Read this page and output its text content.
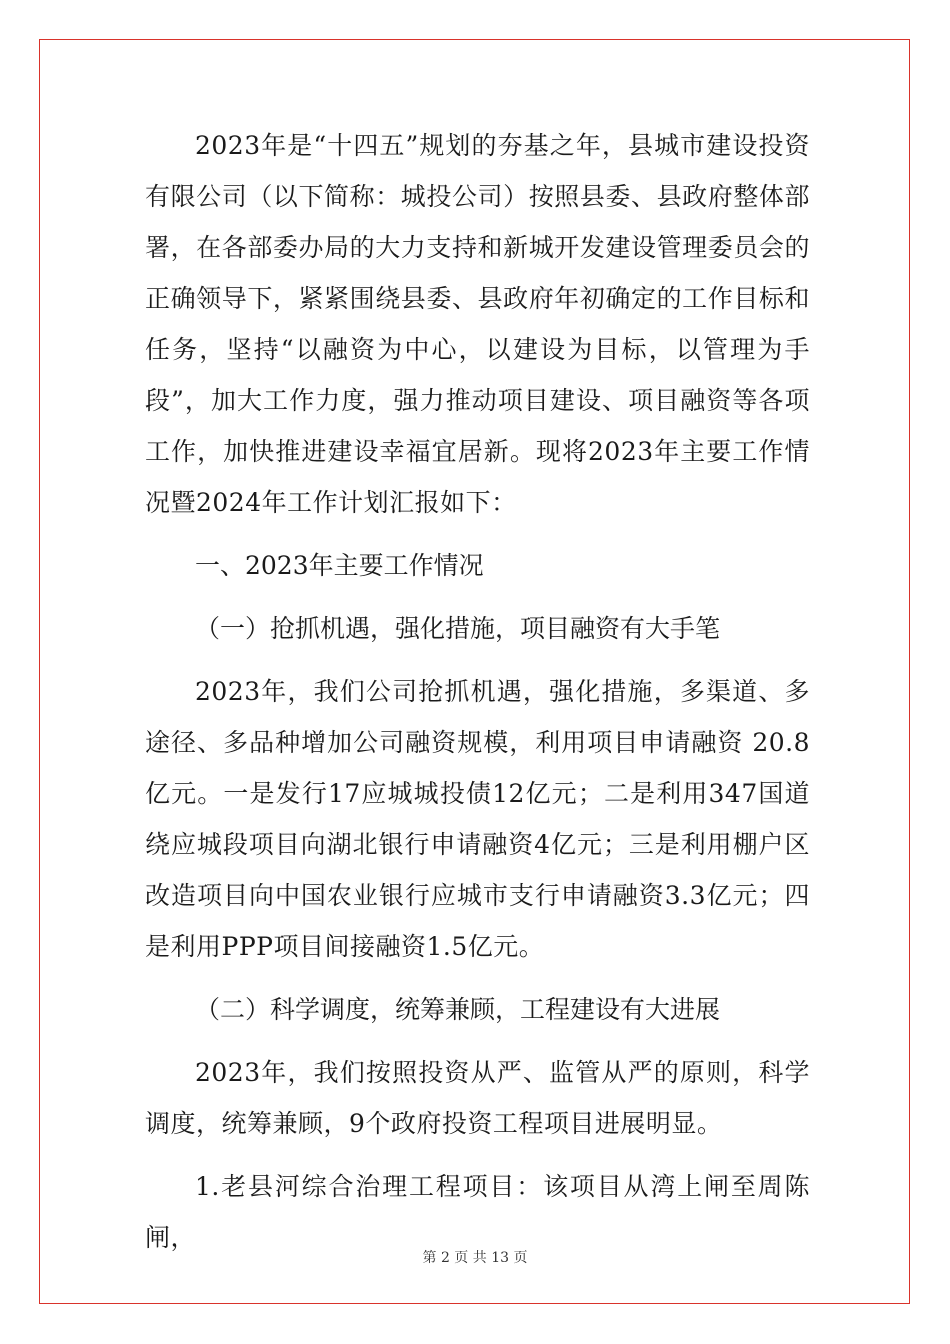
2023年是“十四五”规划的夯基之年，县城市建设投资有限公司（以下简称：城投公司）按照县委、县政府整体部署，在各部委办局的大力支持和新城开发建设管理委员会的正确领导下，紧紧围绕县委、县政府年初确定的工作目标和任务，坚持“以融资为中心，以建设为目标，以管理为手段”，加大工作力度，强力推动项目建设、项目融资等各项工作，加快推进建设幸福宜居新。现将2023年主要工作情况暨2024年工作计划汇报如下：

一、2023年主要工作情况

（一）抢抓机遇，强化措施，项目融资有大手笔

2023年，我们公司抢抓机遇，强化措施，多渠道、多途径、多品种增加公司融资规模，利用项目申请融资 20.8 亿元。一是发行17应城城投债12亿元；二是利用347国道绕应城段项目向湖北银行申请融资4亿元；三是利用棚户区改造项目向中国农业银行应城市支行申请融资3.3亿元；四是利用PPP项目间接融资1.5亿元。

（二）科学调度，统筹兼顾，工程建设有大进展

2023年，我们按照投资从严、监管从严的原则，科学调度，统筹兼顾，9个政府投资工程项目进展明显。

1.老县河综合治理工程项目：该项目从湾上闸至周陈闸，

第 2 页 共 13 页
